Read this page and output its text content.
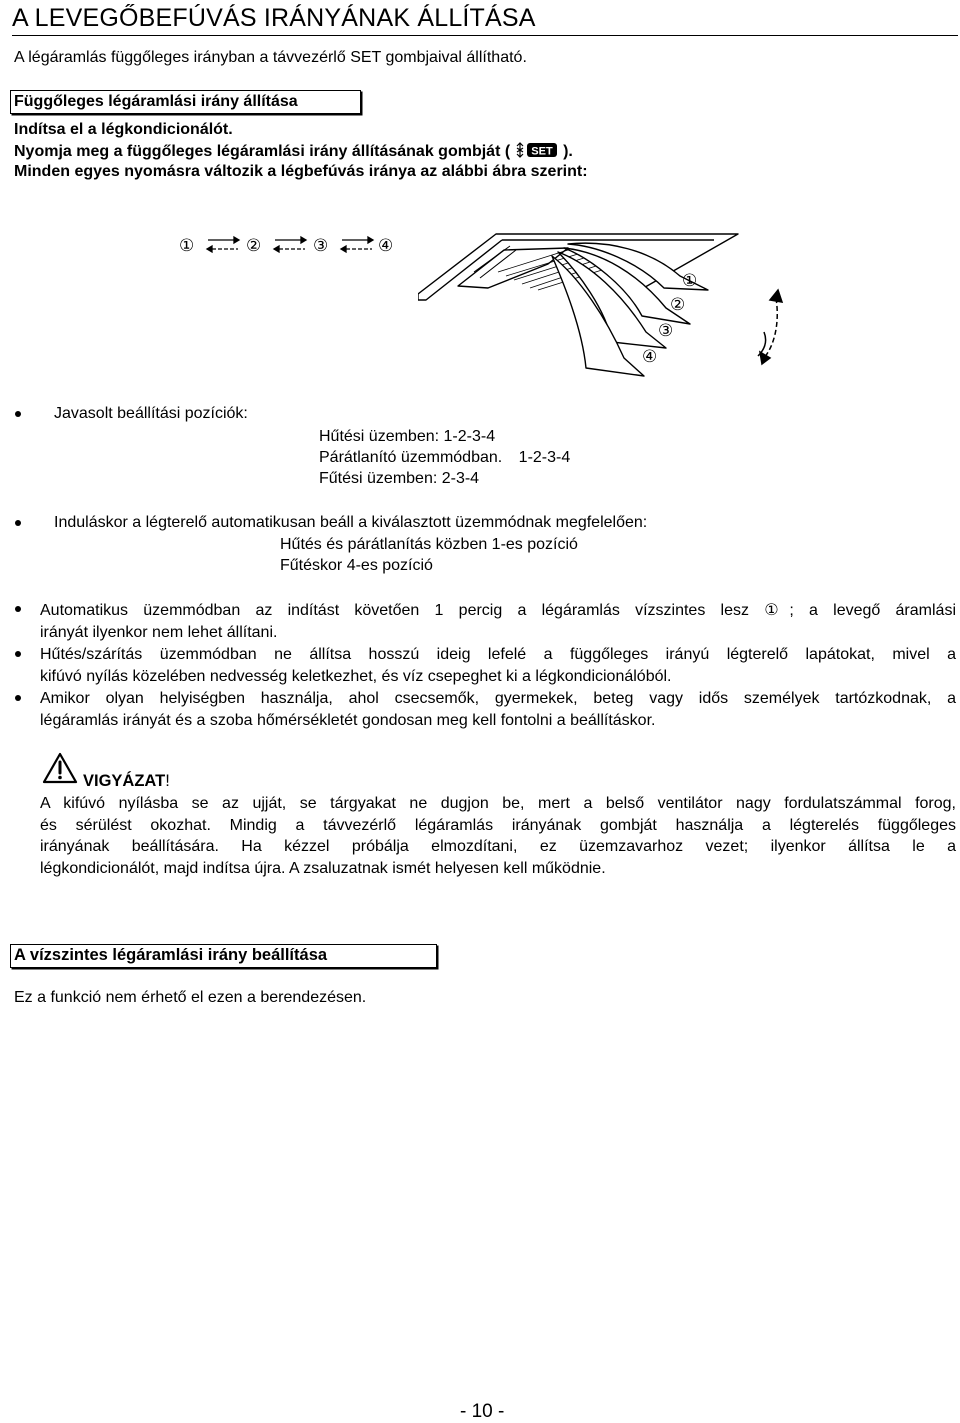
A LEVEGŐBEFÚVÁS IRÁNYÁNAK ÁLLÍTÁSA
A légáramlás függőleges irányban a távvezérlő SET gombjaival állítható.
Függőleges légáramlási irány állítása
Indítsa el a légkondicionálót.
Nyomja meg a függőleges légáramlási irány állításának gombját ( SET ).
Minden egyes nyomásra változik a légbefúvás iránya az alábbi ábra szerint:
①	②	③	④
①
②
③
④
Javasolt beállítási pozíciók:
Hűtési üzemben: 1-2-3-4
Párátlanító üzemmódban. 1-2-3-4
Fűtési üzemben: 2-3-4
Induláskor a légterelő automatikusan beáll a kiválasztott üzemmódnak megfelelően:
Hűtés és párátlanítás közben 1-es pozíció
Fűtéskor 4-es pozíció
Automatikus üzemmódban az indítást követően 1 percig a légáramlás vízszintes lesz ①; a levegő áramlási
irányát ilyenkor nem lehet állítani.
Hűtés/szárítás üzemmódban ne állítsa hosszú ideig lefelé a függőleges irányú légterelő lapátokat, mivel a
kifúvó nyílás közelében nedvesség keletkezhet, és víz csepeghet ki a légkondicionálóból.
Amikor olyan helyiségben használja, ahol csecsemők, gyermekek, beteg vagy idős személyek tartózkodnak, a
légáramlás irányát és a szoba hőmérsékletét gondosan meg kell fontolni a beállításkor.
VIGYÁZAT!
A kifúvó nyílásba se az ujját, se tárgyakat ne dugjon be, mert a belső ventilátor nagy fordulatszámmal forog,
és sérülést okozhat. Mindig a távvezérlő légáramlás irányának gombját használja a légterelés függőleges
irányának beállítására. Ha kézzel próbálja elmozdítani, ez üzemzavarhoz vezet; ilyenkor állítsa le a
légkondicionálót, majd indítsa újra. A zsaluzatnak ismét helyesen kell működnie.
A vízszintes légáramlási irány beállítása
Ez a funkció nem érhető el ezen a berendezésen.
- 10 -
